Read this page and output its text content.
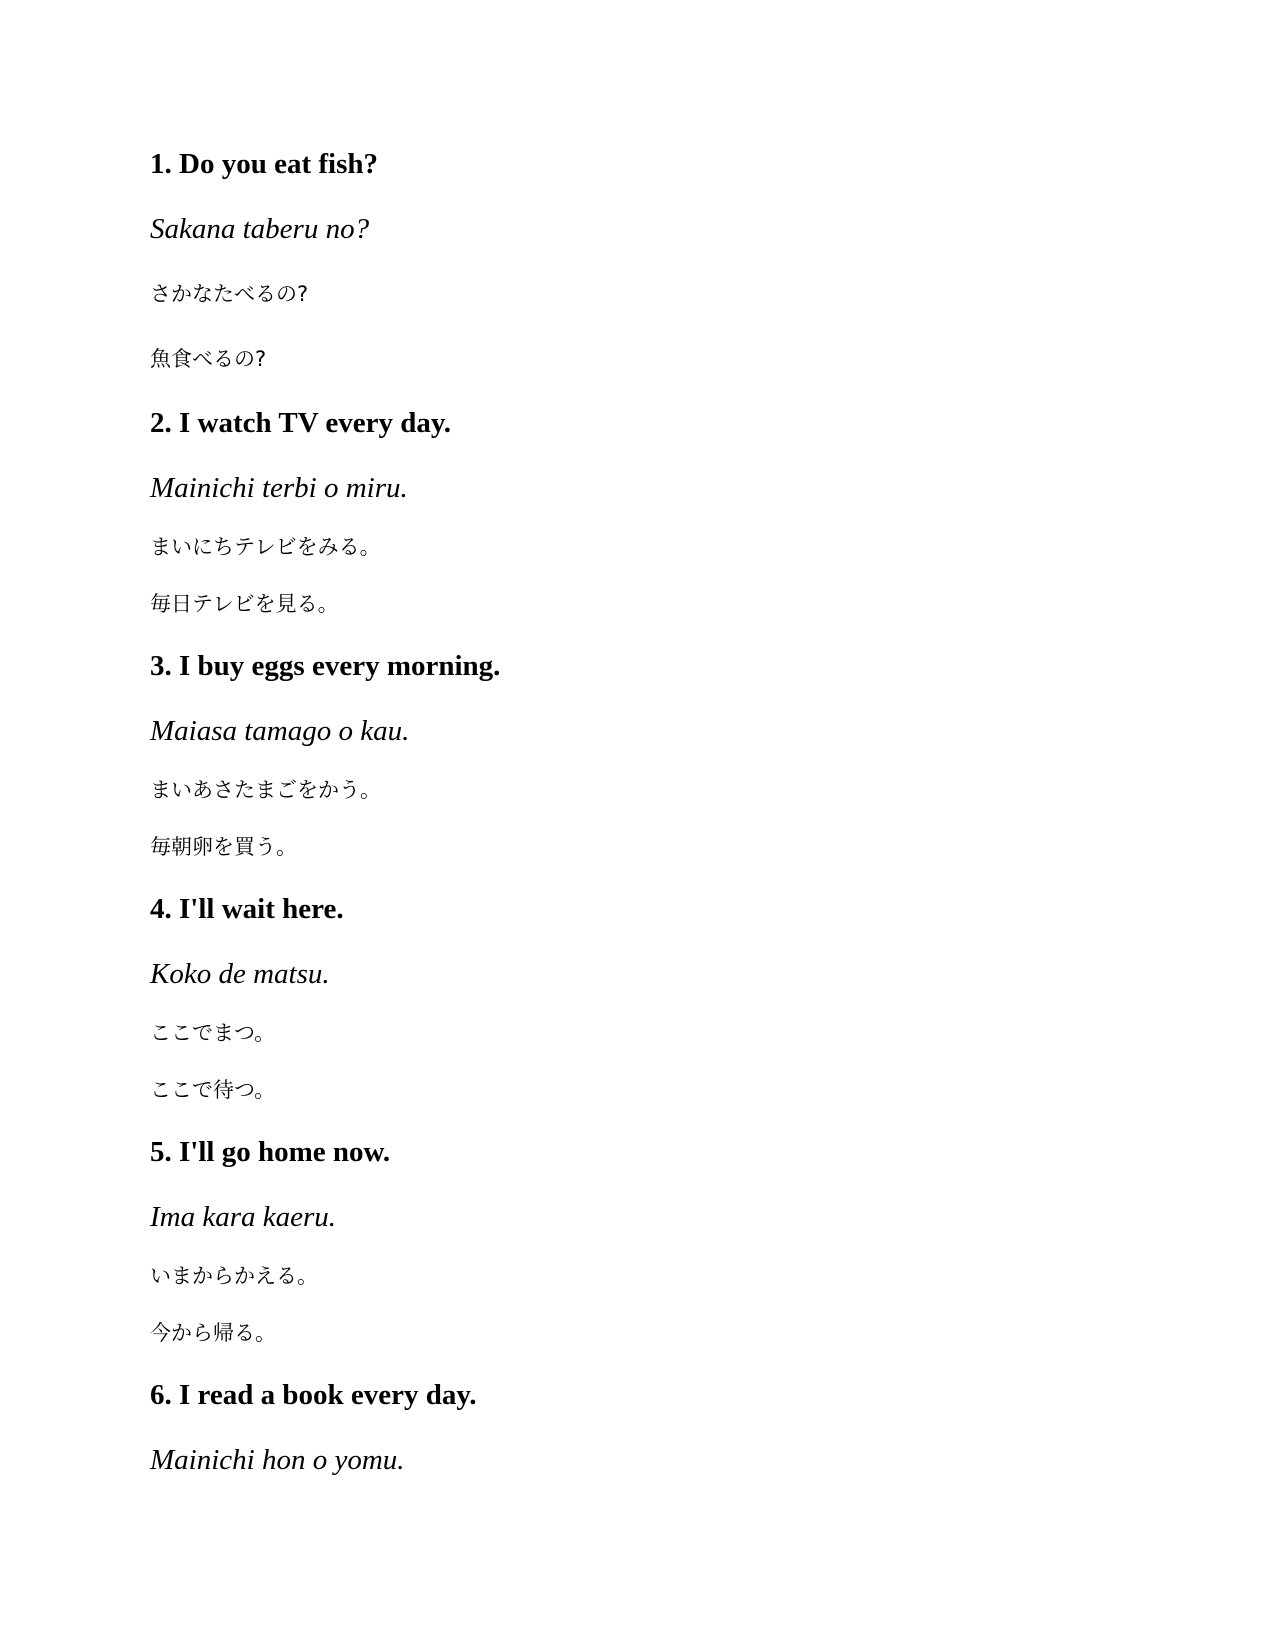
1. Do you eat fish?

Sakana taberu no?

さかなたべるの?

魚食べるの?

2. I watch TV every day.

Mainichi terbi o miru.

まいにちテレビをみる。

毎日テレビを見る。

3. I buy eggs every morning.

Maiasa tamago o kau.

まいあさたまごをかう。

毎朝卵を買う。

4. I'll wait here.

Koko de matsu.

ここでまつ。

ここで待つ。

5. I'll go home now.

Ima kara kaeru.

いまからかえる。

今から帰る。

6. I read a book every day.

Mainichi hon o yomu.
